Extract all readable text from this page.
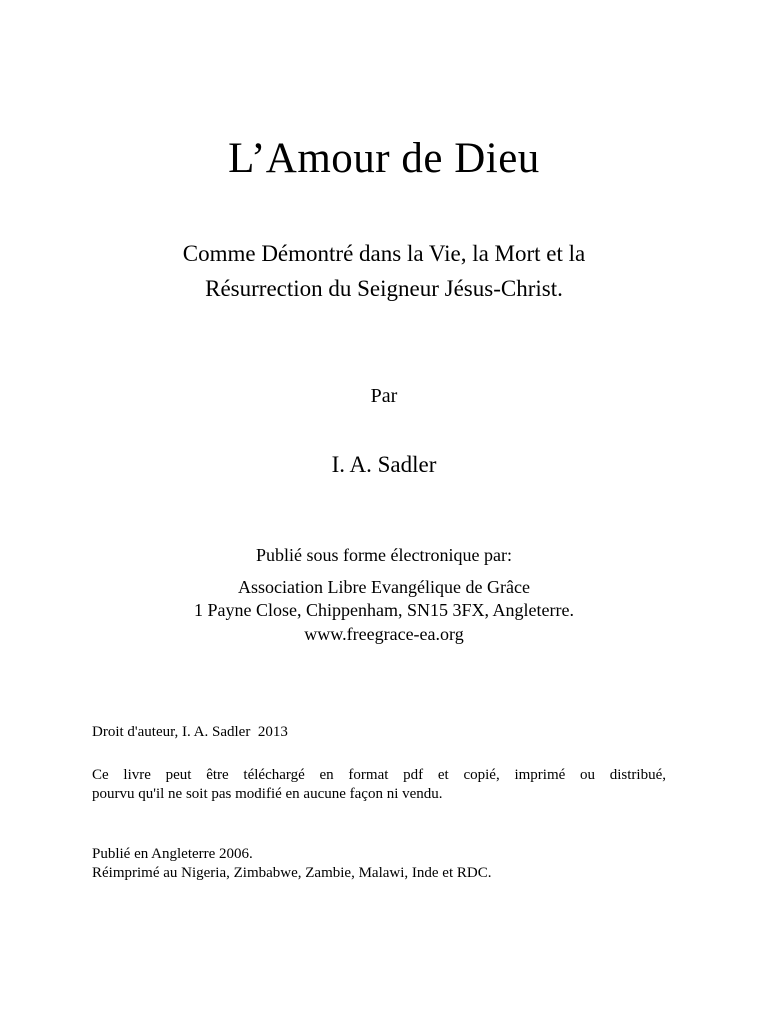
L’Amour de Dieu
Comme Démontré dans la Vie, la Mort et la
Résurrection du Seigneur Jésus-Christ.
Par
I. A. Sadler
Publié sous forme électronique par:
Association Libre Evangélique de Grâce
1 Payne Close, Chippenham, SN15 3FX, Angleterre.
www.freegrace-ea.org
Droit d'auteur, I. A. Sadler  2013
Ce livre peut être téléchargé en format pdf et copié, imprimé ou distribué,
pourvu qu'il ne soit pas modifié en aucune façon ni vendu.
Publié en Angleterre 2006.
Réimprimé au Nigeria, Zimbabwe, Zambie, Malawi, Inde et RDC.
